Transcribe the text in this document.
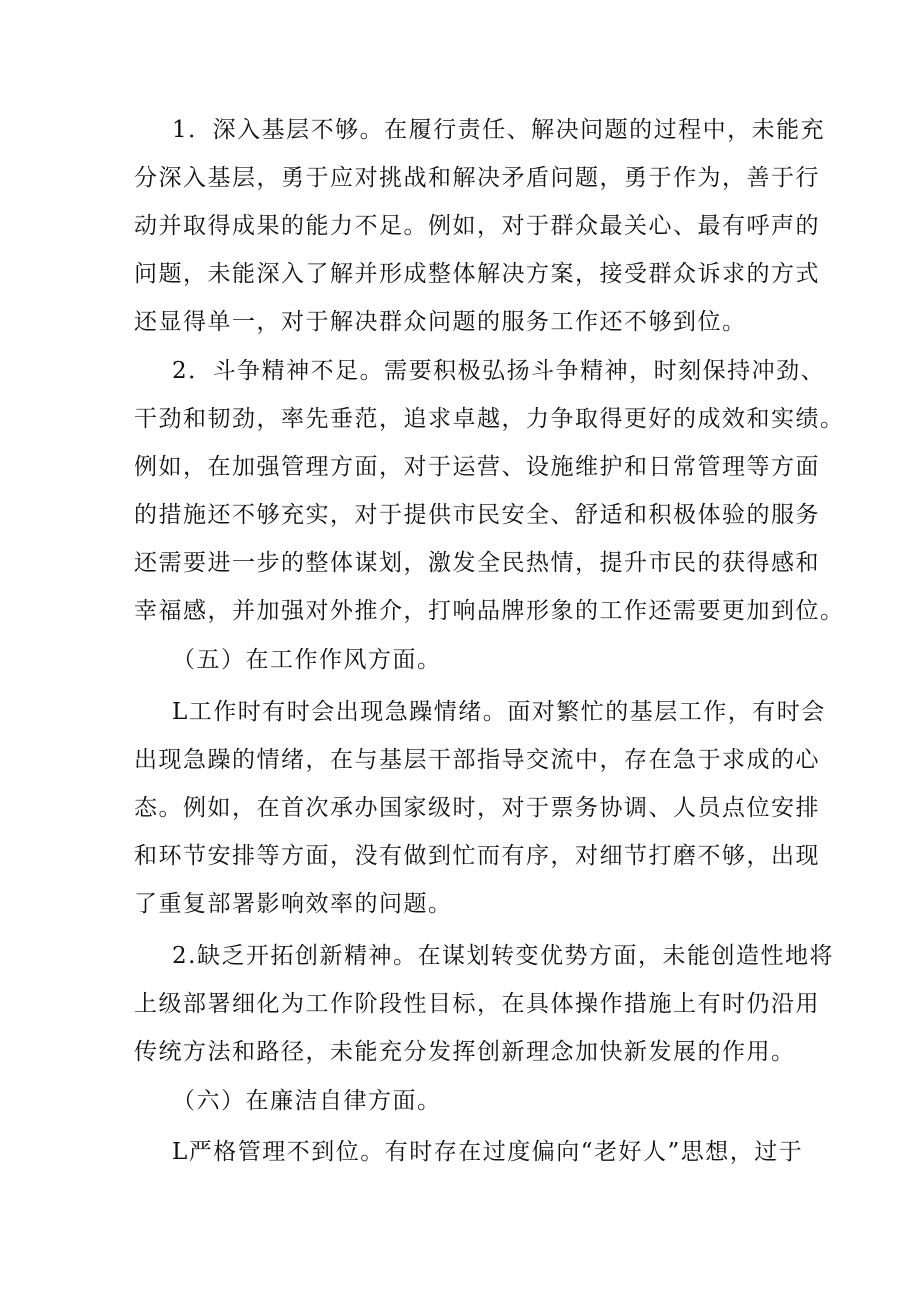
1．深入基层不够。在履行责任、解决问题的过程中，未能充
分深入基层，勇于应对挑战和解决矛盾问题，勇于作为，善于行
动并取得成果的能力不足。例如，对于群众最关心、最有呼声的
问题，未能深入了解并形成整体解决方案，接受群众诉求的方式
还显得单一，对于解决群众问题的服务工作还不够到位。
2．斗争精神不足。需要积极弘扬斗争精神，时刻保持冲劲、
干劲和韧劲，率先垂范，追求卓越，力争取得更好的成效和实绩。
例如，在加强管理方面，对于运营、设施维护和日常管理等方面
的措施还不够充实，对于提供市民安全、舒适和积极体验的服务
还需要进一步的整体谋划，激发全民热情，提升市民的获得感和
幸福感，并加强对外推介，打响品牌形象的工作还需要更加到位。
（五）在工作作风方面。
L工作时有时会出现急躁情绪。面对繁忙的基层工作，有时会
出现急躁的情绪，在与基层干部指导交流中，存在急于求成的心
态。例如，在首次承办国家级时，对于票务协调、人员点位安排
和环节安排等方面，没有做到忙而有序，对细节打磨不够，出现
了重复部署影响效率的问题。
2.缺乏开拓创新精神。在谋划转变优势方面，未能创造性地将
上级部署细化为工作阶段性目标，在具体操作措施上有时仍沿用
传统方法和路径，未能充分发挥创新理念加快新发展的作用。
（六）在廉洁自律方面。
L严格管理不到位。有时存在过度偏向“老好人”思想，过于
